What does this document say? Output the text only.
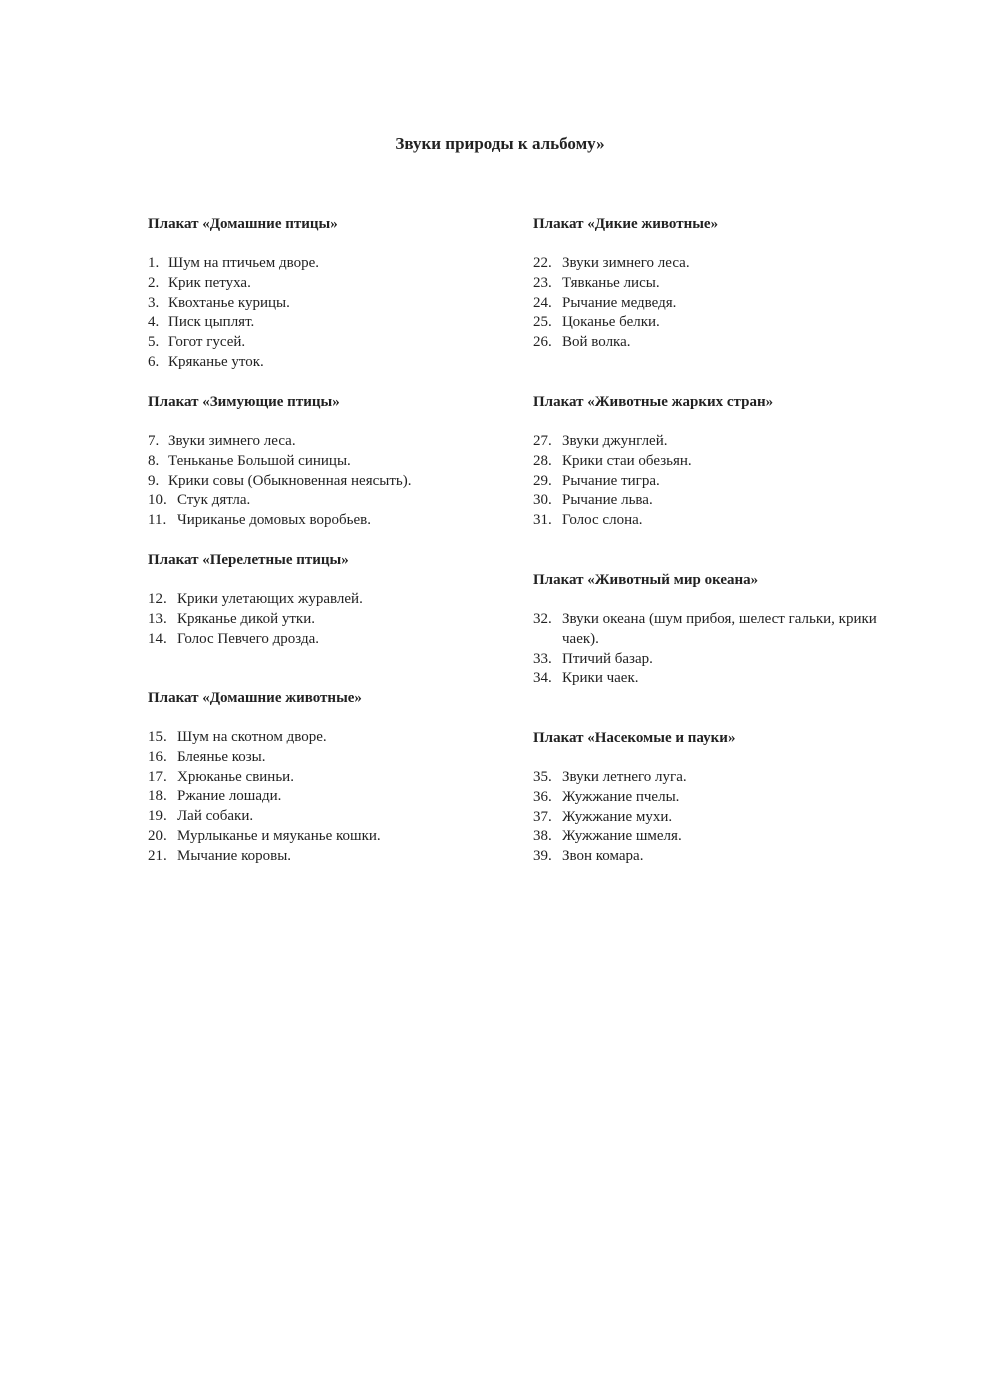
Звуки природы к альбому»
Плакат «Домашние птицы»
1. Шум на птичьем дворе.
2. Крик петуха.
3. Квохтанье курицы.
4. Писк цыплят.
5. Гогот гусей.
6. Кряканье уток.
Плакат «Зимующие птицы»
7. Звуки зимнего леса.
8. Теньканье Большой синицы.
9. Крики совы (Обыкновенная неясыть).
10. Стук дятла.
11. Чириканье домовых воробьев.
Плакат «Перелетные птицы»
12. Крики улетающих журавлей.
13. Кряканье дикой утки.
14. Голос Певчего дрозда.
Плакат «Домашние животные»
15. Шум на скотном дворе.
16. Блеянье козы.
17. Хрюканье свиньи.
18. Ржание лошади.
19. Лай собаки.
20. Мурлыканье и мяуканье кошки.
21. Мычание коровы.
Плакат «Дикие животные»
22. Звуки зимнего леса.
23. Тявканье лисы.
24. Рычание медведя.
25. Цоканье белки.
26. Вой волка.
Плакат «Животные жарких стран»
27. Звуки джунглей.
28. Крики стаи обезьян.
29. Рычание тигра.
30. Рычание льва.
31. Голос слона.
Плакат «Животный мир океана»
32. Звуки океана (шум прибоя, шелест гальки, крики чаек).
33. Птичий базар.
34. Крики чаек.
Плакат «Насекомые и пауки»
35. Звуки летнего луга.
36. Жужжание пчелы.
37. Жужжание мухи.
38. Жужжание шмеля.
39. Звон комара.
